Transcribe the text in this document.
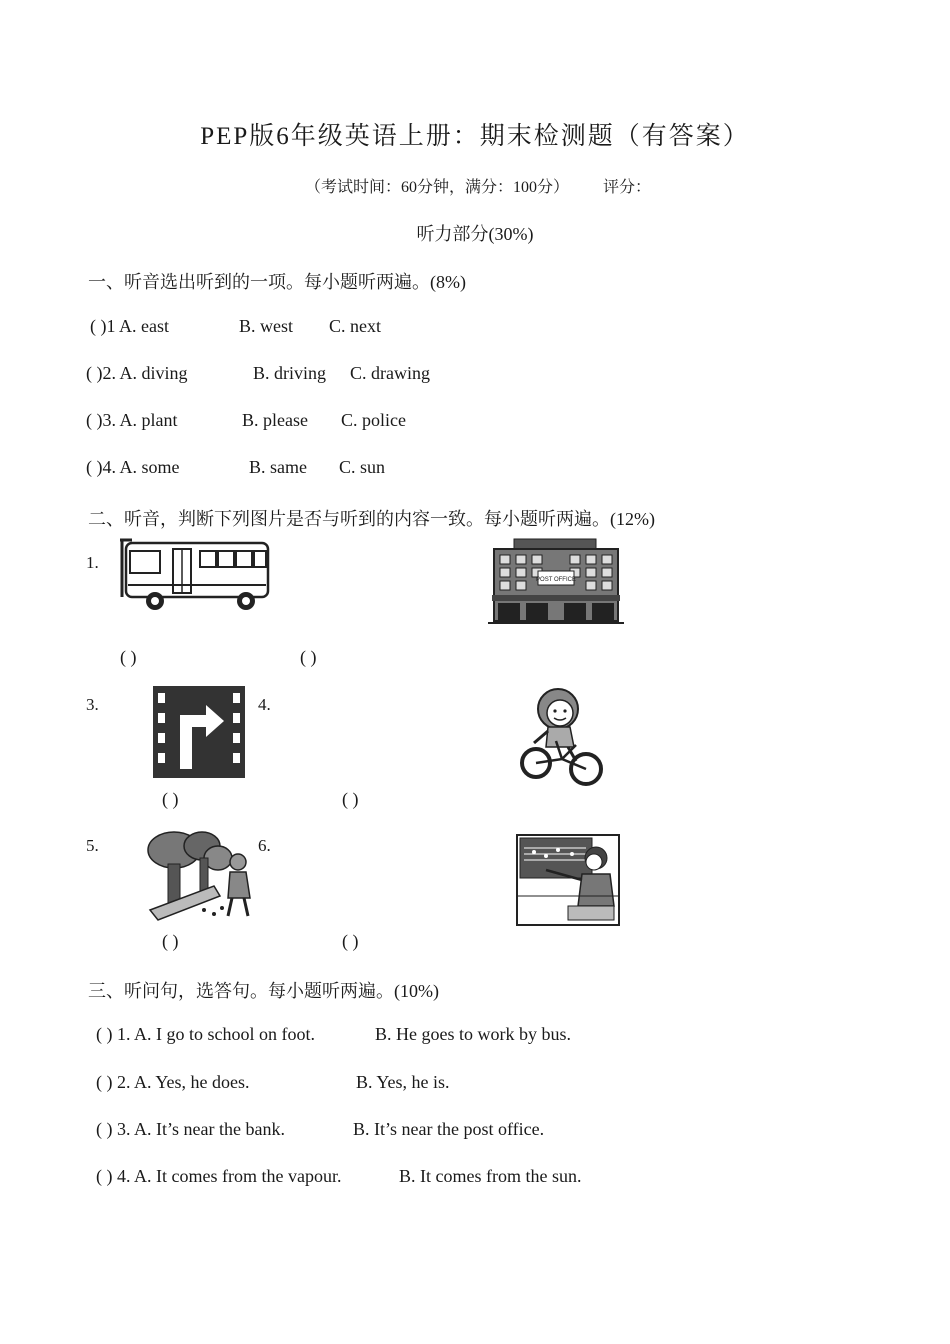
PEP版6年级英语上册：期末检测题（有答案）
（考试时间：60分钟，满分：100分） 评分：
听力部分(30%)
一、听音选出听到的一项。每小题听两遍。(8%)
( )1 A. east	B. west C. next
( )2. A. diving	B. driving C. drawing
( )3. A. plant	B. please C. police
( )4. A. some	B. same C. sun
二、听音，判断下列图片是否与听到的内容一致。每小题听两遍。(12%)
1.
POST OFFICE
( )	( )
3.	4.
( )	( )
5.	6.
( )	( )
三、听问句，选答句。每小题听两遍。(10%)
( ) 1. A. I go to school on foot.	B. He goes to work by bus.
( ) 2. A. Yes, he does.	B. Yes, he is.
( ) 3. A. It’s near the bank.	B. It’s near the post office.
( ) 4. A. It comes from the vapour.	B. It comes from the sun.
